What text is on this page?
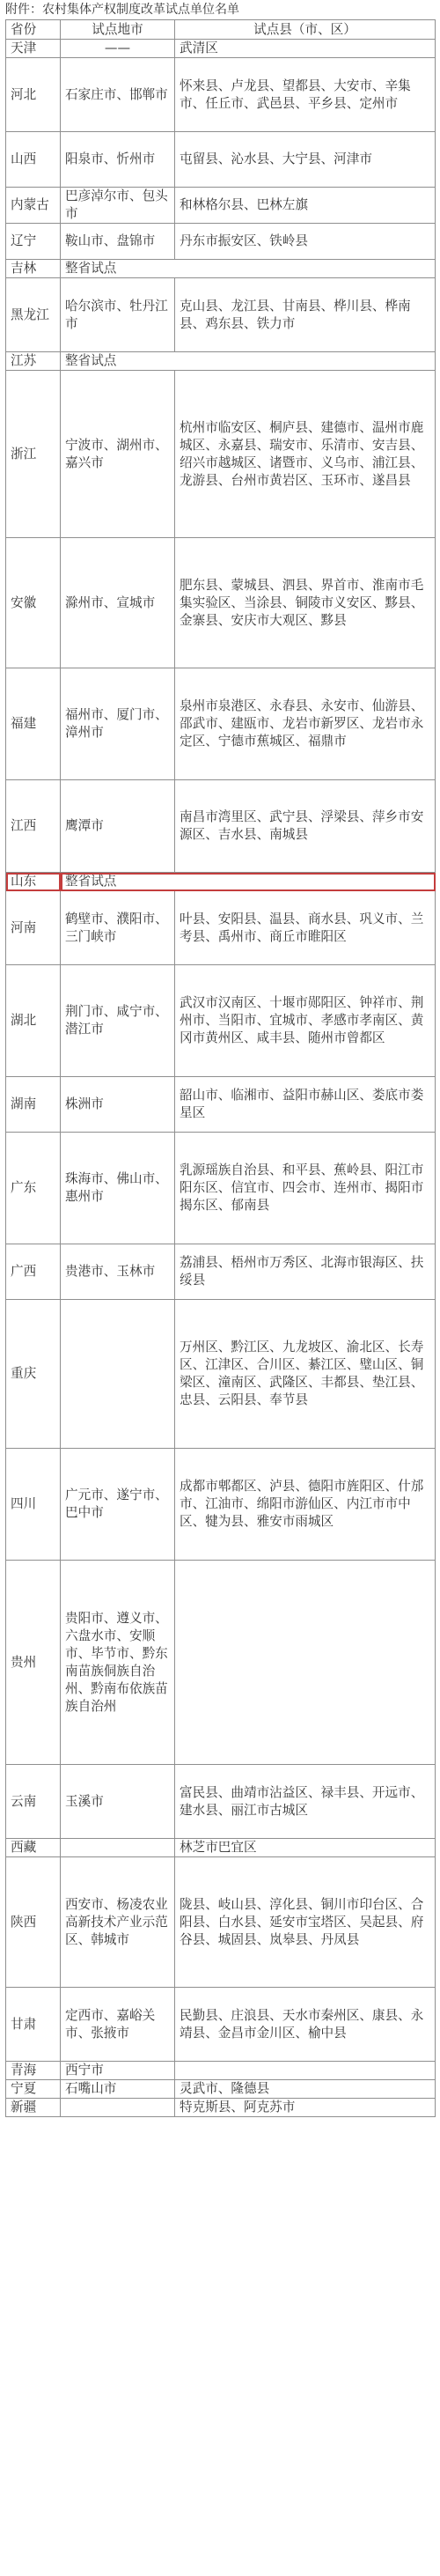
附件：农村集体产权制度改革试点单位名单
省份	试点地市	试点县（市、区）
天津	——	武清区
河北	石家庄市、邯郸市	怀来县、卢龙县、望都县、大安市、辛集市、任丘市、武邑县、平乡县、定州市
山西	阳泉市、忻州市	屯留县、沁水县、大宁县、河津市
内蒙古	巴彦淖尔市、包头市	和林格尔县、巴林左旗
辽宁	鞍山市、盘锦市	丹东市振安区、铁岭县
吉林	整省试点	
黑龙江	哈尔滨市、牡丹江市	克山县、龙江县、甘南县、桦川县、桦南县、鸡东县、铁力市
江苏	整省试点	
浙江	宁波市、湖州市、嘉兴市	杭州市临安区、桐庐县、建德市、温州市鹿城区、永嘉县、瑞安市、乐清市、安吉县、绍兴市越城区、诸暨市、义乌市、浦江县、龙游县、台州市黄岩区、玉环市、遂昌县
安徽	滁州市、宣城市	肥东县、蒙城县、泗县、界首市、淮南市毛集实验区、当涂县、铜陵市义安区、黟县、金寨县、安庆市大观区、黟县
福建	福州市、厦门市、漳州市	泉州市泉港区、永春县、永安市、仙游县、邵武市、建瓯市、龙岩市新罗区、龙岩市永定区、宁德市蕉城区、福鼎市
江西	鹰潭市	南昌市湾里区、武宁县、浮梁县、萍乡市安源区、吉水县、南城县
山东	整省试点	
河南	鹤壁市、濮阳市、三门峡市	叶县、安阳县、温县、商水县、巩义市、兰考县、禹州市、商丘市睢阳区
湖北	荆门市、咸宁市、潜江市	武汉市汉南区、十堰市郧阳区、钟祥市、荆州市、当阳市、宜城市、孝感市孝南区、黄冈市黄州区、咸丰县、随州市曾都区
湖南	株洲市	韶山市、临湘市、益阳市赫山区、娄底市娄星区
广东	珠海市、佛山市、惠州市	乳源瑶族自治县、和平县、蕉岭县、阳江市阳东区、信宜市、四会市、连州市、揭阳市揭东区、郁南县
广西	贵港市、玉林市	荔浦县、梧州市万秀区、北海市银海区、扶绥县
重庆		万州区、黔江区、九龙坡区、渝北区、长寿区、江津区、合川区、綦江区、璧山区、铜梁区、潼南区、武隆区、丰都县、垫江县、忠县、云阳县、奉节县
四川	广元市、遂宁市、巴中市	成都市郫都区、泸县、德阳市旌阳区、什邡市、江油市、绵阳市游仙区、内江市市中区、犍为县、雅安市雨城区
贵州	贵阳市、遵义市、六盘水市、安顺市、毕节市、黔东南苗族侗族自治州、黔南布依族苗族自治州	
云南	玉溪市	富民县、曲靖市沾益区、禄丰县、开远市、建水县、丽江市古城区
西藏		林芝市巴宜区
陕西	西安市、杨凌农业高新技术产业示范区、韩城市	陇县、岐山县、淳化县、铜川市印台区、合阳县、白水县、延安市宝塔区、吴起县、府谷县、城固县、岚皋县、丹凤县
甘肃	定西市、嘉峪关市、张掖市	民勤县、庄浪县、天水市秦州区、康县、永靖县、金昌市金川区、榆中县
青海	西宁市	
宁夏	石嘴山市	灵武市、隆德县
新疆		特克斯县、阿克苏市
